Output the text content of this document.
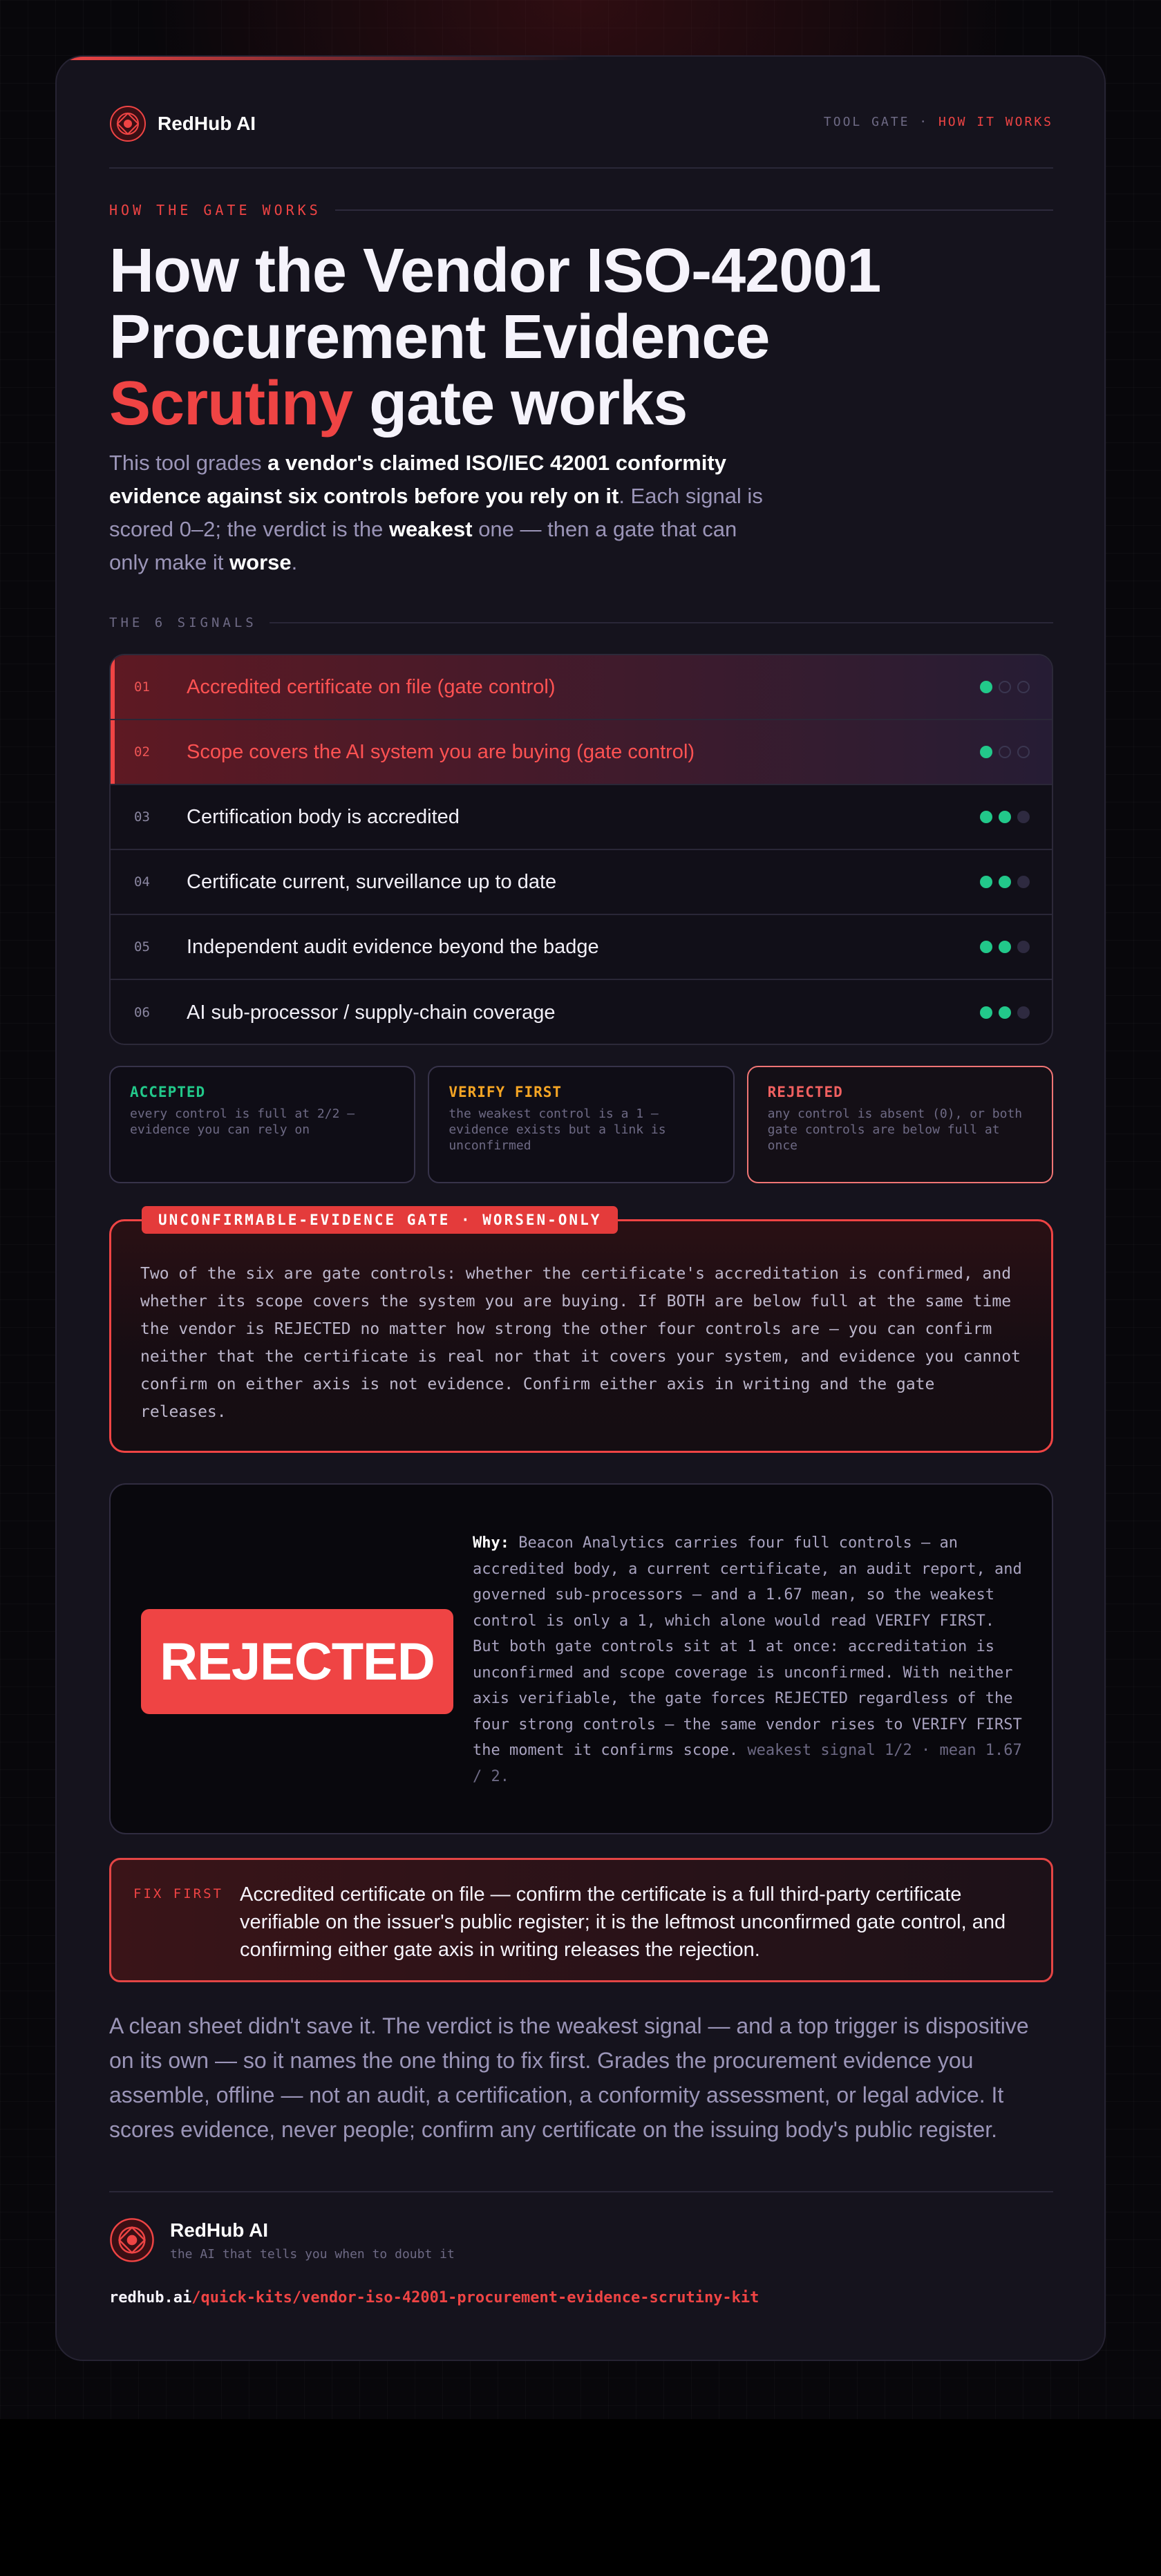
RedHub AI	TOOL GATE · HOW IT WORKS
HOW THE GATE WORKS
How the Vendor ISO-42001
Procurement Evidence
Scrutiny gate works

This tool grades a vendor's claimed ISO/IEC 42001 conformity evidence against six controls before you rely on it. Each signal is scored 0–2; the verdict is the weakest one — then a gate that can only make it worse.

THE 6 SIGNALS
01	Accredited certificate on file (gate control)
02	Scope covers the AI system you are buying (gate control)
03	Certification body is accredited
04	Certificate current, surveillance up to date
05	Independent audit evidence beyond the badge
06	AI sub-processor / supply-chain coverage
ACCEPTED

every control is full at 2/2 — evidence you can rely on

VERIFY FIRST

the weakest control is a 1 — evidence exists but a link is unconfirmed

REJECTED

any control is absent (0), or both gate controls are below full at once

UNCONFIRMABLE-EVIDENCE GATE · WORSEN-ONLY

Two of the six are gate controls: whether the certificate's accreditation is confirmed, and whether its scope covers the system you are buying. If BOTH are below full at the same time the vendor is REJECTED no matter how strong the other four controls are — you can confirm neither that the certificate is real nor that it covers your system, and evidence you cannot confirm on either axis is not evidence. Confirm either axis in writing and the gate releases.

REJECTED

Why: Beacon Analytics carries four full controls — an accredited body, a current certificate, an audit report, and governed sub-processors — and a 1.67 mean, so the weakest control is only a 1, which alone would read VERIFY FIRST. But both gate controls sit at 1 at once: accreditation is unconfirmed and scope coverage is unconfirmed. With neither axis verifiable, the gate forces REJECTED regardless of the four strong controls — the same vendor rises to VERIFY FIRST the moment it confirms scope. weakest signal 1/2 · mean 1.67 / 2.

FIX FIRST Accredited certificate on file — confirm the certificate is a full third-party certificate verifiable on the issuer's public register; it is the leftmost unconfirmed gate control, and confirming either gate axis in writing releases the rejection.

A clean sheet didn't save it. The verdict is the weakest signal — and a top trigger is dispositive on its own — so it names the one thing to fix first. Grades the procurement evidence you assemble, offline — not an audit, a certification, a conformity assessment, or legal advice. It scores evidence, never people; confirm any certificate on the issuing body's public register.

RedHub AI
the AI that tells you when to doubt it
redhub.ai/quick-kits/vendor-iso-42001-procurement-evidence-scrutiny-kit
